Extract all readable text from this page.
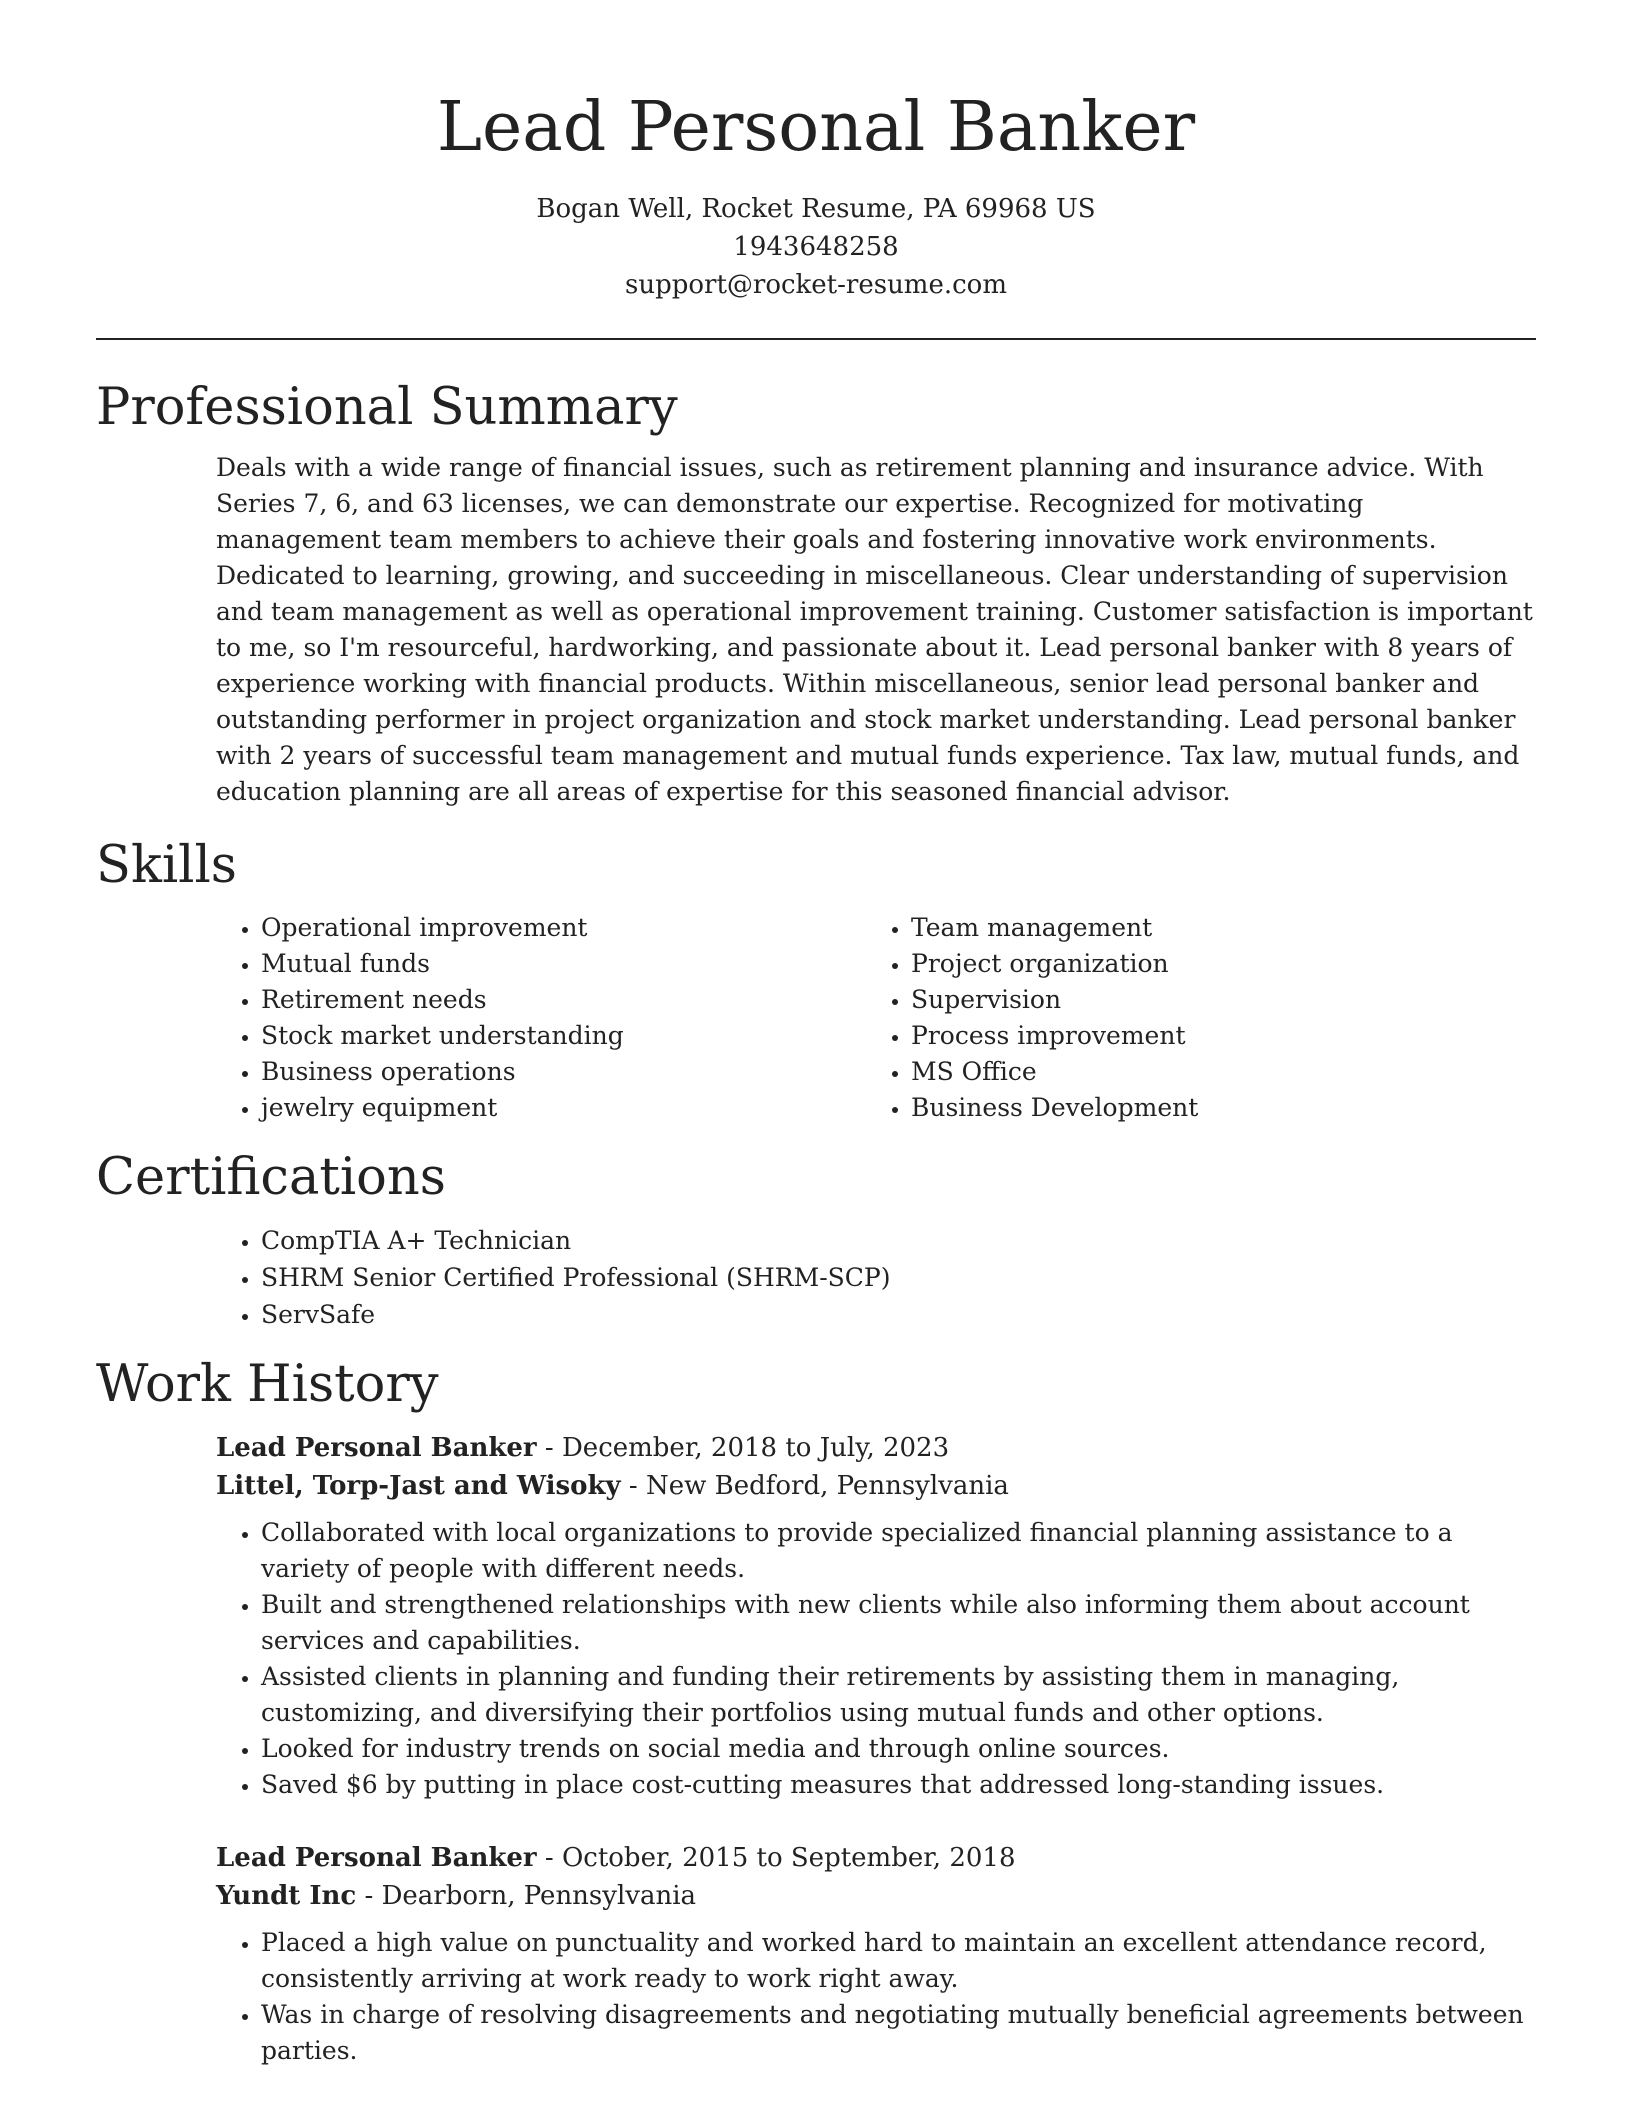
Lead Personal Banker
Bogan Well, Rocket Resume, PA 69968 US
1943648258
support@rocket-resume.com
Professional Summary

Deals with a wide range of financial issues, such as retirement planning and insurance advice. With Series 7, 6, and 63 licenses, we can demonstrate our expertise. Recognized for motivating management team members to achieve their goals and fostering innovative work environments. Dedicated to learning, growing, and succeeding in miscellaneous. Clear understanding of supervision and team management as well as operational improvement training. Customer satisfaction is important to me, so I'm resourceful, hardworking, and passionate about it. Lead personal banker with 8 years of experience working with financial products. Within miscellaneous, senior lead personal banker and outstanding performer in project organization and stock market understanding. Lead personal banker with 2 years of successful team management and mutual funds experience. Tax law, mutual funds, and education planning are all areas of expertise for this seasoned financial advisor.

Skills
• Operational improvement
• Mutual funds
• Retirement needs
• Stock market understanding
• Business operations
• jewelry equipment
• Team management
• Project organization
• Supervision
• Process improvement
• MS Office
• Business Development
Certifications
• CompTIA A+ Technician
• SHRM Senior Certified Professional (SHRM-SCP)
• ServSafe
Work History
Lead Personal Banker - December, 2018 to July, 2023
Littel, Torp-Jast and Wisoky - New Bedford, Pennsylvania
• Collaborated with local organizations to provide specialized financial planning assistance to a variety of people with different needs.
• Built and strengthened relationships with new clients while also informing them about account services and capabilities.
• Assisted clients in planning and funding their retirements by assisting them in managing, customizing, and diversifying their portfolios using mutual funds and other options.
• Looked for industry trends on social media and through online sources.
• Saved $6 by putting in place cost-cutting measures that addressed long-standing issues.
Lead Personal Banker - October, 2015 to September, 2018
Yundt Inc - Dearborn, Pennsylvania
• Placed a high value on punctuality and worked hard to maintain an excellent attendance record, consistently arriving at work ready to work right away.
• Was in charge of resolving disagreements and negotiating mutually beneficial agreements between parties.
